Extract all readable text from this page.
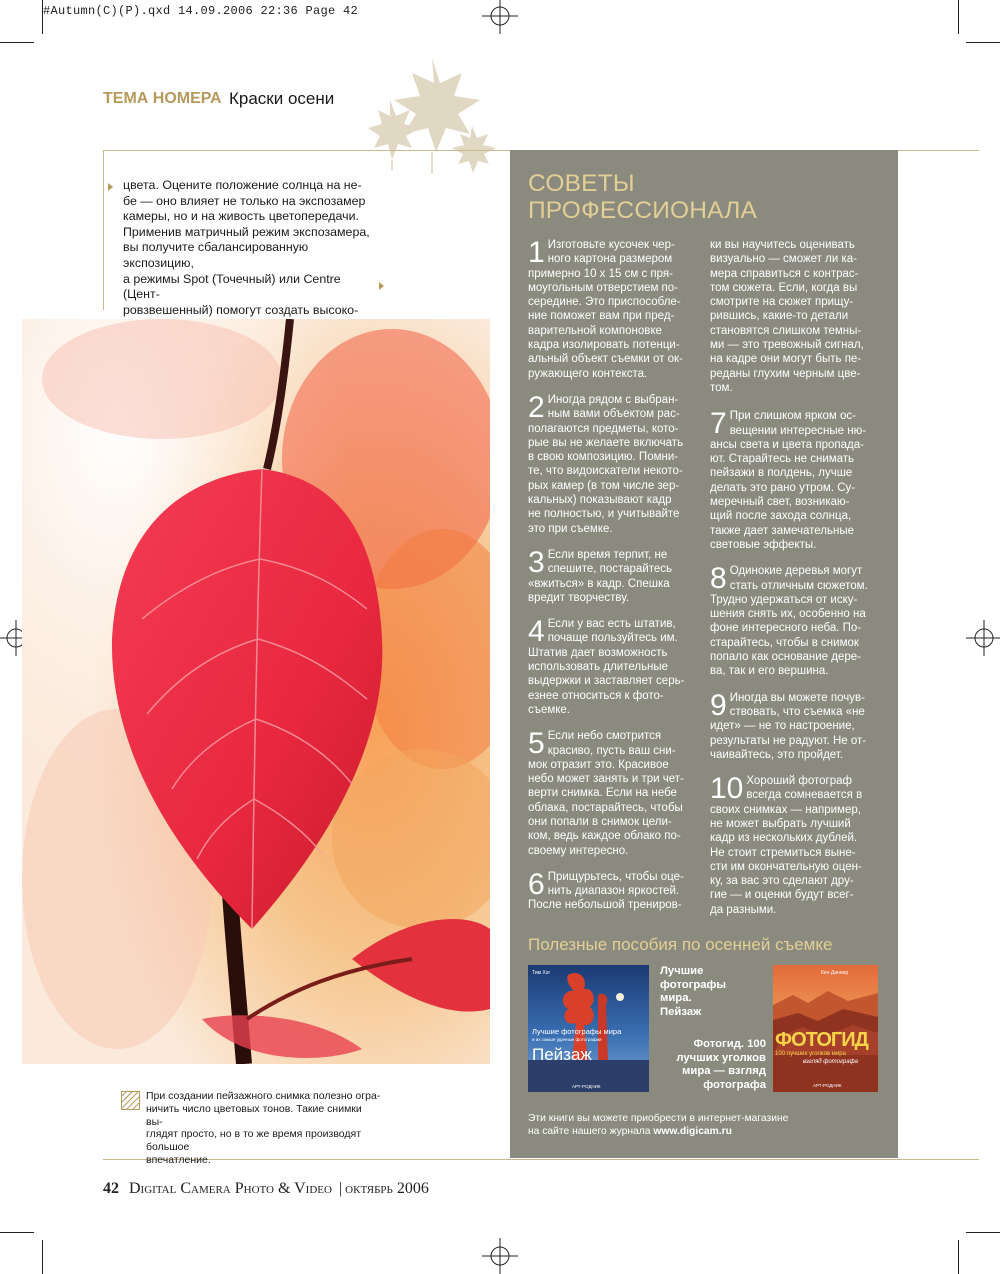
#Autumn(C)(P).qxd 14.09.2006 22:36 Page 42
ТЕМА НОМЕРА Краски осени
цвета. Оцените положение солнца на не-
бе — оно влияет не только на экспозамер
камеры, но и на живость цветопередачи.
Применив матричный режим экспозамера,
вы получите сбалансированную экспозицию,
а режимы Spot (Точечный) или Centre (Цент-
ровзвешенный) помогут создать высоко-
При создании пейзажного снимка полезно огра-
ничить число цветовых тонов. Такие снимки вы-
глядят просто, но в то же время производят большое
впечатление.
СОВЕТЫ
ПРОФЕССИОНАЛА
1 Изготовьте кусочек чер-
ного картона размером
примерно 10 х 15 см с пря-
моугольным отверстием по-
середине. Это приспособле-
ние поможет вам при пред-
варительной компоновке
кадра изолировать потенци-
альный объект съемки от ок-
ружающего контекста.
2 Иногда рядом с выбран-
ным вами объектом рас-
полагаются предметы, кото-
рые вы не желаете включать
в свою композицию. Помни-
те, что видоискатели некото-
рых камер (в том числе зер-
кальных) показывают кадр
не полностью, и учитывайте
это при съемке.
3 Если время терпит, не
спешите, постарайтесь
«вжиться» в кадр. Спешка
вредит творчеству.
4 Если у вас есть штатив,
почаще пользуйтесь им.
Штатив дает возможность
использовать длительные
выдержки и заставляет серь-
езнее относиться к фото-
съемке.
5 Если небо смотрится
красиво, пусть ваш сни-
мок отразит это. Красивое
небо может занять и три чет-
верти снимка. Если на небе
облака, постарайтесь, чтобы
они попали в снимок цели-
ком, ведь каждое облако по-
своему интересно.
6 Прищурьтесь, чтобы оце-
нить диапазон яркостей.
После небольшой трениров-
ки вы научитесь оценивать
визуально — сможет ли ка-
мера справиться с контрас-
том сюжета. Если, когда вы
смотрите на сюжет прищу-
рившись, какие-то детали
становятся слишком темны-
ми — это тревожный сигнал,
на кадре они могут быть пе-
реданы глухим черным цве-
том.
7 При слишком ярком ос-
вещении интересные ню-
ансы света и цвета пропада-
ют. Старайтесь не снимать
пейзажи в полдень, лучше
делать это рано утром. Су-
меречный свет, возникаю-
щий после захода солнца,
также дает замечательные
световые эффекты.
8 Одинокие деревья могут
стать отличным сюжетом.
Трудно удержаться от иску-
шения снять их, особенно на
фоне интересного неба. По-
старайтесь, чтобы в снимок
попало как основание дере-
ва, так и его вершина.
9 Иногда вы можете почув-
ствовать, что съемка «не
идет» — не то настроение,
результаты не радуют. Не от-
чаивайтесь, это пройдет.
10 Хороший фотограф
всегда сомневается в
своих снимках — например,
не может выбрать лучший
кадр из нескольких дублей.
Не стоит стремиться выне-
сти им окончательную оцен-
ку, за вас это сделают дру-
гие — и оценки будут всег-
да разными.
Полезные пособия по осенней съемке
Тим Хэг
Лучшие фотографы мира
и их самые удачные фотографии
Пейзаж
АРТ-РОДНИК
Лучшие
фотографы мира.
Пейзаж
Фотогид. 100
лучших уголков
мира — взгляд
фотографа
Кен Даннер
ФОТОГИД
100 лучших уголков мира
взгляд фотографа
АРТ-РОДНИК
Эти книги вы можете приобрести в интернет-магазине
на сайте нашего журнала www.digicam.ru
42 Digital Camera Photo & Video | октябрь 2006
